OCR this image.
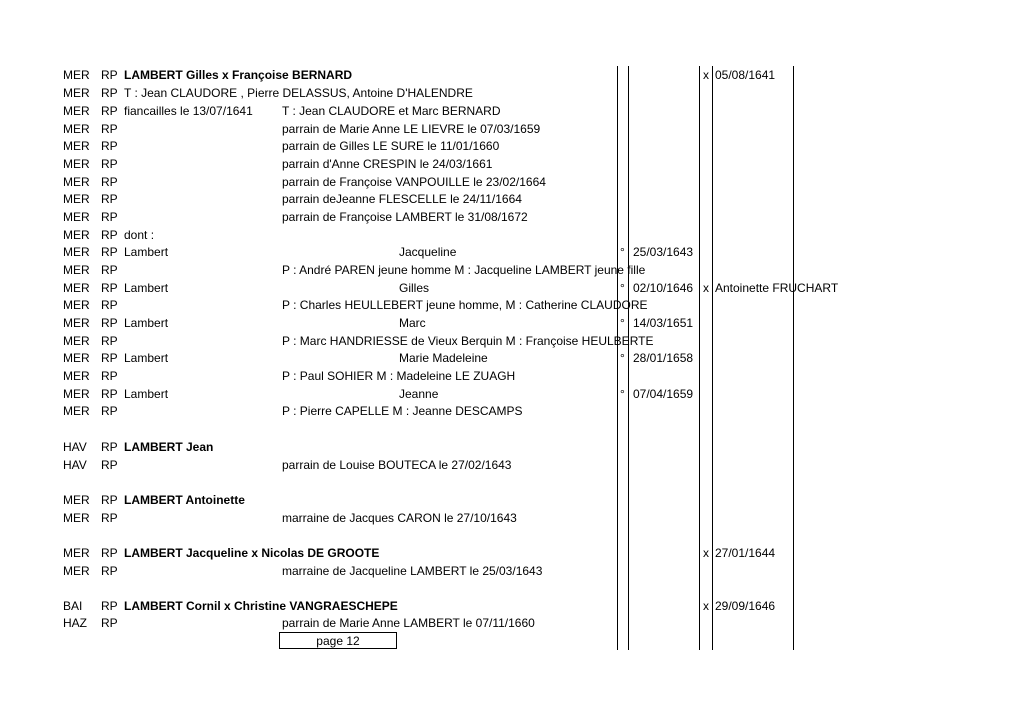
MER RP LAMBERT Gilles x Françoise BERNARD	x 05/08/1641
MER RP T : Jean CLAUDORE , Pierre DELASSUS, Antoine D'HALENDRE
MER RP fiancailles le 13/07/1641 T : Jean CLAUDORE et Marc BERNARD
MER RP	parrain de Marie Anne LE LIEVRE le 07/03/1659
MER RP	parrain de Gilles LE SURE le 11/01/1660
MER RP	parrain d'Anne CRESPIN le 24/03/1661
MER RP	parrain de Françoise VANPOUILLE le 23/02/1664
MER RP	parrain deJeanne FLESCELLE le 24/11/1664
MER RP	parrain de Françoise LAMBERT le 31/08/1672
MER RP dont :
MER RP Lambert	Jacqueline	° 25/03/1643
MER RP	P : André PAREN jeune homme M : Jacqueline LAMBERT jeune fille
MER RP Lambert	Gilles	° 02/10/1646 x Antoinette FRUCHART
MER RP	P : Charles HEULLEBERT jeune homme, M : Catherine CLAUDORE
MER RP Lambert	Marc	° 14/03/1651
MER RP	P : Marc HANDRIESSE de Vieux Berquin M : Françoise HEULBERTE
MER RP Lambert	Marie Madeleine	° 28/01/1658
MER RP	P : Paul SOHIER M : Madeleine LE ZUAGH
MER RP Lambert	Jeanne	° 07/04/1659
MER RP	P : Pierre CAPELLE M : Jeanne DESCAMPS
HAV RP LAMBERT Jean
HAV RP	parrain de Louise BOUTECA le 27/02/1643
MER RP LAMBERT Antoinette
MER RP	marraine de Jacques CARON le 27/10/1643
MER RP LAMBERT Jacqueline x Nicolas DE GROOTE	x 27/01/1644
MER RP	marraine de Jacqueline LAMBERT le 25/03/1643
BAI RP LAMBERT Cornil x Christine VANGRAESCHEPE	x 29/09/1646
HAZ RP	parrain de Marie Anne LAMBERT le 07/11/1660
page 12
